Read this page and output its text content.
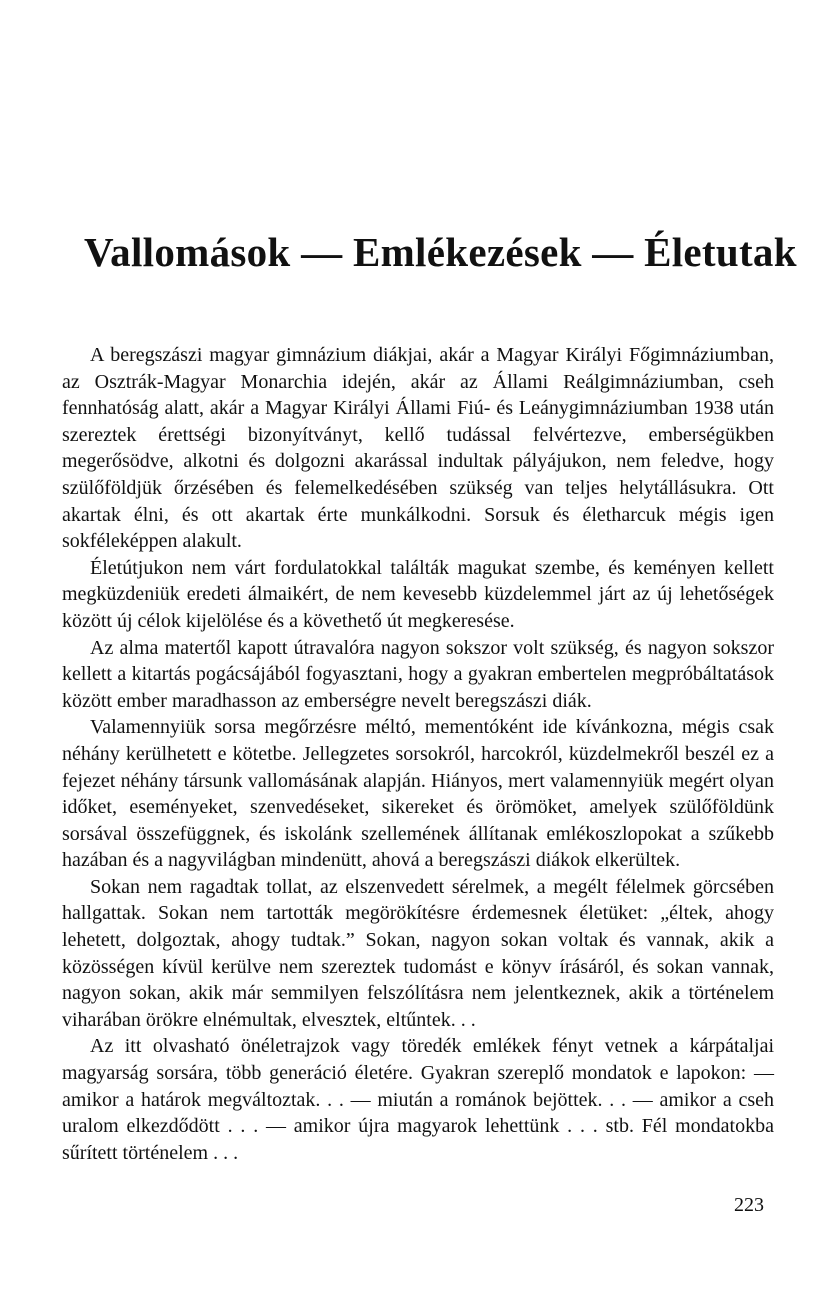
Vallomások — Emlékezések — Életutak

A beregszászi magyar gimnázium diákjai, akár a Magyar Királyi Főgimnáziumban, az Osztrák-Magyar Monarchia idején, akár az Állami Reálgimnáziumban, cseh fennhatóság alatt, akár a Magyar Királyi Állami Fiú- és Leánygimnáziumban 1938 után szereztek érettségi bizonyítványt, kellő tudással felvértezve, emberségükben megerősödve, alkotni és dolgozni akarással indultak pályájukon, nem feledve, hogy szülőföldjük őrzésében és felemelkedésében szükség van teljes helytállásukra. Ott akartak élni, és ott akartak érte munkálkodni. Sorsuk és életharcuk mégis igen sokféleképpen alakult.

Életútjukon nem várt fordulatokkal találták magukat szembe, és keményen kellett megküzdeniük eredeti álmaikért, de nem kevesebb küzdelemmel járt az új lehetőségek között új célok kijelölése és a követhető út megkeresése.

Az alma matertől kapott útravalóra nagyon sokszor volt szükség, és nagyon sokszor kellett a kitartás pogácsájából fogyasztani, hogy a gyakran embertelen megpróbáltatások között ember maradhasson az emberségre nevelt beregszászi diák.

Valamennyiük sorsa megőrzésre méltó, mementóként ide kívánkozna, mégis csak néhány kerülhetett e kötetbe. Jellegzetes sorsokról, harcokról, küzdelmekről beszél ez a fejezet néhány társunk vallomásának alapján. Hiányos, mert valamennyiük megért olyan időket, eseményeket, szenvedéseket, sikereket és örömöket, amelyek szülőföldünk sorsával összefüggnek, és iskolánk szellemének állítanak emlékoszlopokat a szűkebb hazában és a nagyvilágban mindenütt, ahová a beregszászi diákok elkerültek.

Sokan nem ragadtak tollat, az elszenvedett sérelmek, a megélt félelmek görcsében hallgattak. Sokan nem tartották megörökítésre érdemesnek életüket: „éltek, ahogy lehetett, dolgoztak, ahogy tudtak.” Sokan, nagyon sokan voltak és vannak, akik a közösségen kívül kerülve nem szereztek tudomást e könyv írásáról, és sokan vannak, nagyon sokan, akik már semmilyen felszólításra nem jelentkeznek, akik a történelem viharában örökre elnémultak, elvesztek, eltűntek. . .

Az itt olvasható önéletrajzok vagy töredék emlékek fényt vetnek a kárpátaljai magyarság sorsára, több generáció életére. Gyakran szereplő mondatok e lapokon: — amikor a határok megváltoztak. . . — miután a románok bejöttek. . . — amikor a cseh uralom elkezdődött . . . — amikor újra magyarok lehettünk . . . stb. Fél mondatokba sűrített történelem . . .

223
